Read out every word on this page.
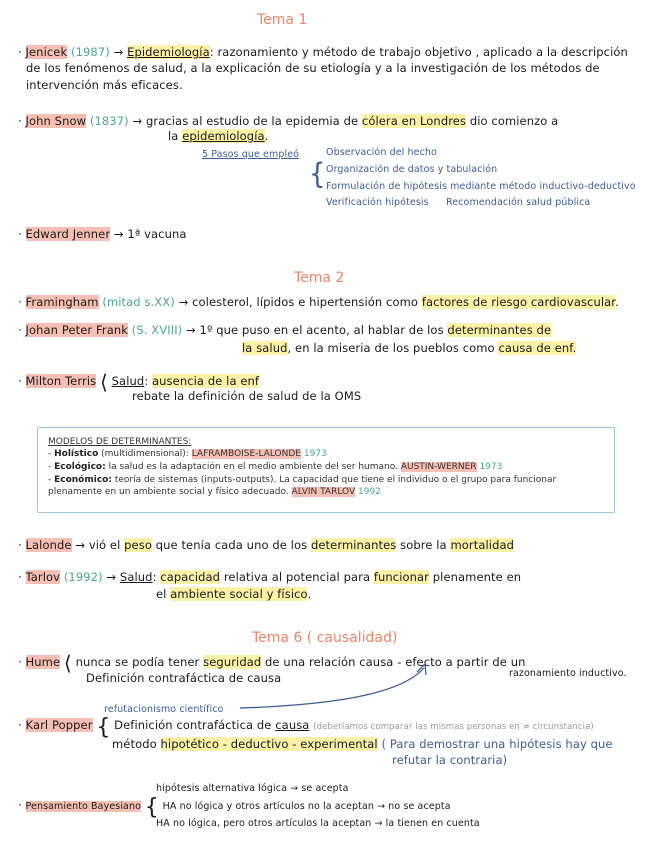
Tema 1
· Jenicek (1987) → Epidemiología: razonamiento y método de trabajo objetivo , aplicado a la descripción
de los fenómenos de salud, a la explicación de su etiología y a la investigación de los métodos de
intervención más eficaces.
· John Snow (1837) → gracias al estudio de la epidemia de cólera en Londres dio comienzo a
la epidemiología.
5 Pasos que empleó
{
Observación del hecho
Organización de datos y tabulación
Formulación de hipótesis mediante método inductivo-deductivo
Verificación hipótesis Recomendación salud pública
· Edward Jenner → 1ª vacuna
Tema 2
· Framingham (mitad s.XX) → colesterol, lípidos e hipertensión como factores de riesgo cardiovascular.
· Johan Peter Frank (S. XVIII) → 1º que puso en el acento, al hablar de los determinantes de
la salud, en la miseria de los pueblos como causa de enf.
· Milton Terris ⟨ Salud: ausencia de la enf
rebate la definición de salud de la OMS
MODELOS DE DETERMINANTES:
- Holístico (multidimensional): LAFRAMBOISE-LALONDE 1973
- Ecológico: la salud es la adaptación en el medio ambiente del ser humano. AUSTIN-WERNER 1973
- Económico: teoría de sistemas (inputs-outputs). La capacidad que tiene el individuo o el grupo para funcionar
plenamente en un ambiente social y físico adecuado. ALVIN TARLOV 1992
· Lalonde → vió el peso que tenía cada uno de los determinantes sobre la mortalidad
· Tarlov (1992) → Salud: capacidad relativa al potencial para funcionar plenamente en
el ambiente social y físico.
Tema 6 ( causalidad)
· Hume ⟨ nunca se podía tener seguridad de una relación causa - efecto a partir de un
Definición contrafáctica de causa	razonamiento inductivo.
refutacionismo científico
· Karl Popper { Definición contrafáctica de causa (deberíamos comparar las mismas personas en ≠ circunstancia)
método hipotético - deductivo - experimental ( Para demostrar una hipótesis hay que
refutar la contraria)
hipótesis alternativa lógica → se acepta
· Pensamiento Bayesiano { HA no lógica y otros artículos no la aceptan → no se acepta
HA no lógica, pero otros artículos la aceptan → la tienen en cuenta
